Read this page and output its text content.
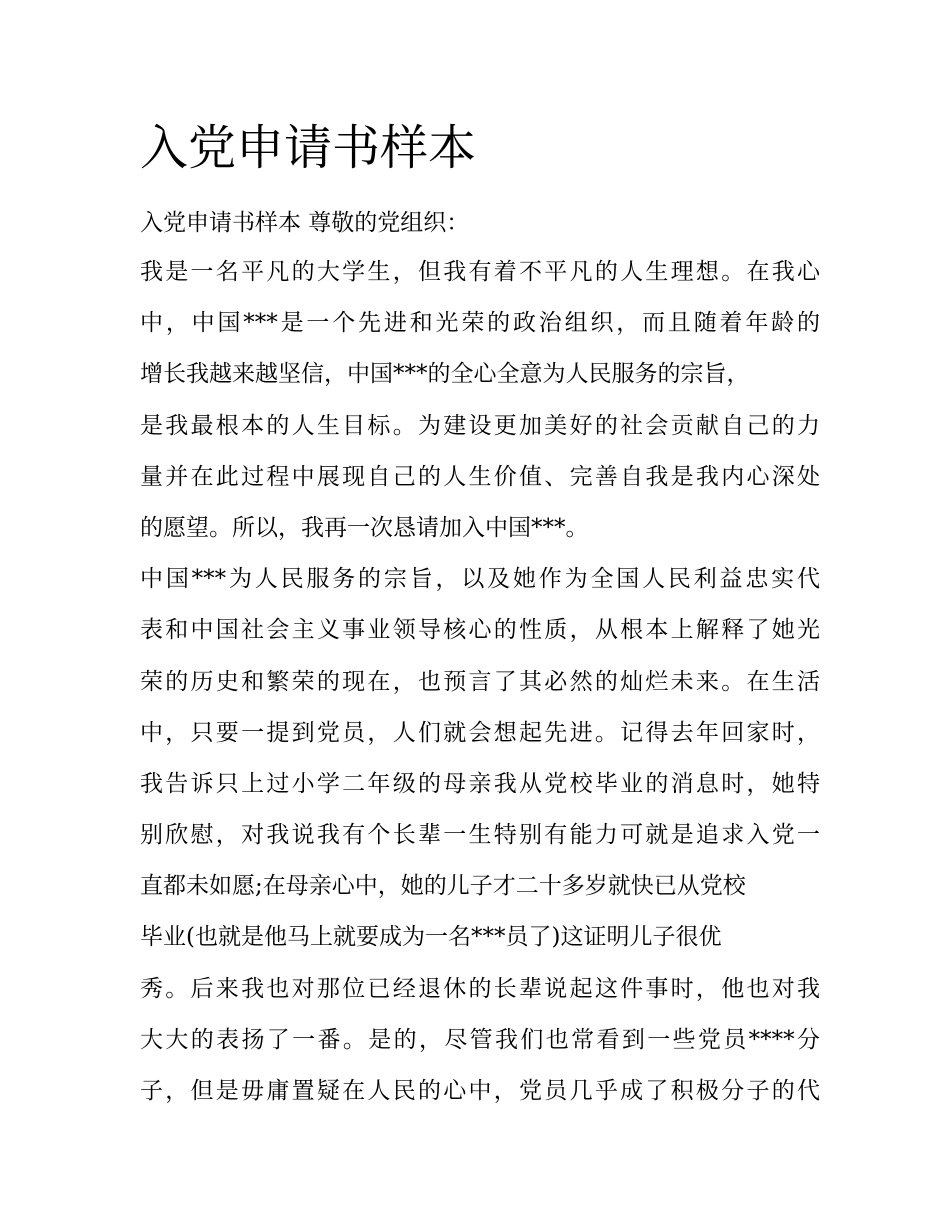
入党申请书样本

入党申请书样本 尊敬的党组织：

我是一名平凡的大学生，但我有着不平凡的人生理想。在我心
中，中国***是一个先进和光荣的政治组织，而且随着年龄的
增长我越来越坚信，中国***的全心全意为人民服务的宗旨，
是我最根本的人生目标。为建设更加美好的社会贡献自己的力
量并在此过程中展现自己的人生价值、完善自我是我内心深处
的愿望。所以，我再一次恳请加入中国***。
中国***为人民服务的宗旨，以及她作为全国人民利益忠实代
表和中国社会主义事业领导核心的性质，从根本上解释了她光
荣的历史和繁荣的现在，也预言了其必然的灿烂未来。在生活
中，只要一提到党员，人们就会想起先进。记得去年回家时，
我告诉只上过小学二年级的母亲我从党校毕业的消息时，她特
别欣慰，对我说我有个长辈一生特别有能力可就是追求入党一
直都未如愿;在母亲心中，她的儿子才二十多岁就快已从党校
毕业(也就是他马上就要成为一名***员了)这证明儿子很优
秀。后来我也对那位已经退休的长辈说起这件事时，他也对我
大大的表扬了一番。是的，尽管我们也常看到一些党员****分
子，但是毋庸置疑在人民的心中，党员几乎成了积极分子的代
